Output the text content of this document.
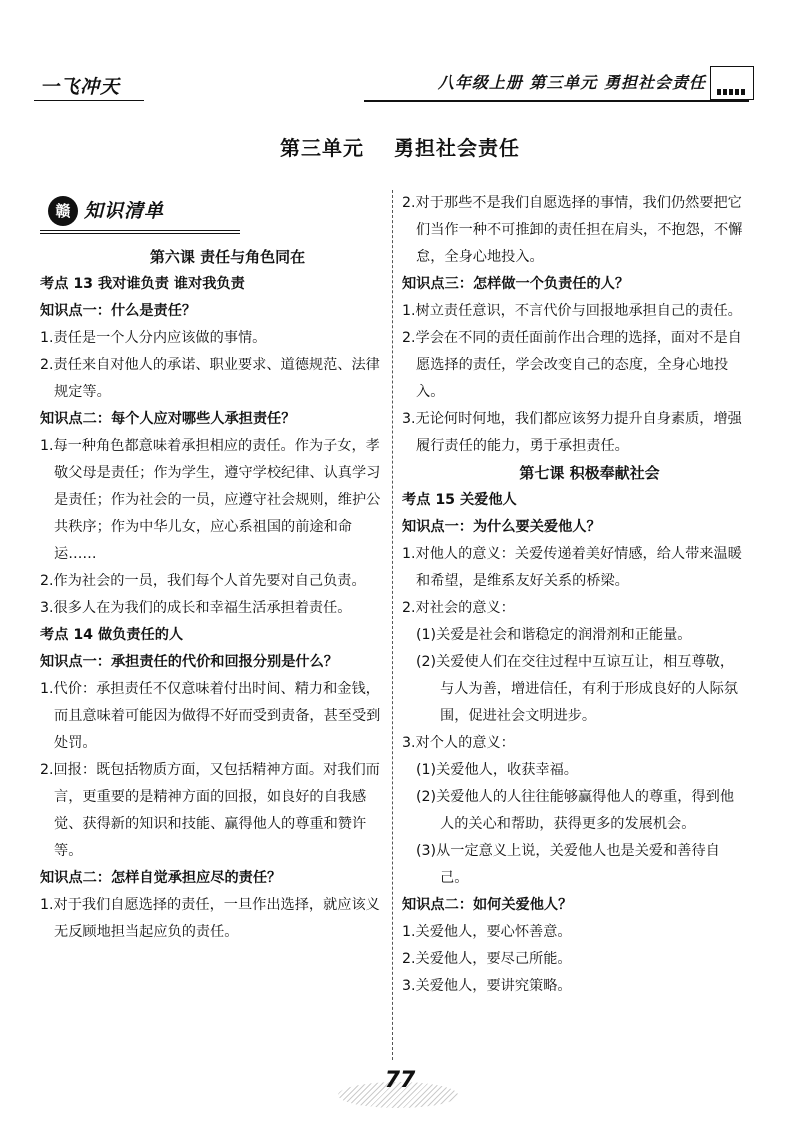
一飞冲天	八年级上册 第三单元 勇担社会责任
第三单元 勇担社会责任
赣 知识清单
第六课 责任与角色同在
考点 13 我对谁负责 谁对我负责
知识点一：什么是责任？
1.责任是一个人分内应该做的事情。
2.责任来自对他人的承诺、职业要求、道德规范、法律规定等。
知识点二：每个人应对哪些人承担责任？
1.每一种角色都意味着承担相应的责任。作为子女，孝敬父母是责任；作为学生，遵守学校纪律、认真学习是责任；作为社会的一员，应遵守社会规则，维护公共秩序；作为中华儿女，应心系祖国的前途和命运……
2.作为社会的一员，我们每个人首先要对自己负责。
3.很多人在为我们的成长和幸福生活承担着责任。
考点 14 做负责任的人
知识点一：承担责任的代价和回报分别是什么？
1.代价：承担责任不仅意味着付出时间、精力和金钱，而且意味着可能因为做得不好而受到责备，甚至受到处罚。
2.回报：既包括物质方面，又包括精神方面。对我们而言，更重要的是精神方面的回报，如良好的自我感觉、获得新的知识和技能、赢得他人的尊重和赞许等。
知识点二：怎样自觉承担应尽的责任？
1.对于我们自愿选择的责任，一旦作出选择，就应该义无反顾地担当起应负的责任。
2.对于那些不是我们自愿选择的事情，我们仍然要把它们当作一种不可推卸的责任担在肩头，不抱怨，不懈怠，全身心地投入。
知识点三：怎样做一个负责任的人？
1.树立责任意识，不言代价与回报地承担自己的责任。
2.学会在不同的责任面前作出合理的选择，面对不是自愿选择的责任，学会改变自己的态度，全身心地投入。
3.无论何时何地，我们都应该努力提升自身素质，增强履行责任的能力，勇于承担责任。
第七课 积极奉献社会
考点 15 关爱他人
知识点一：为什么要关爱他人？
1.对他人的意义：关爱传递着美好情感，给人带来温暖和希望，是维系友好关系的桥梁。
2.对社会的意义：
(1)关爱是社会和谐稳定的润滑剂和正能量。
(2)关爱使人们在交往过程中互谅互让，相互尊敬，与人为善，增进信任，有利于形成良好的人际氛围，促进社会文明进步。
3.对个人的意义：
(1)关爱他人，收获幸福。
(2)关爱他人的人往往能够赢得他人的尊重，得到他人的关心和帮助，获得更多的发展机会。
(3)从一定意义上说，关爱他人也是关爱和善待自己。
知识点二：如何关爱他人？
1.关爱他人，要心怀善意。
2.关爱他人，要尽己所能。
3.关爱他人，要讲究策略。
77
